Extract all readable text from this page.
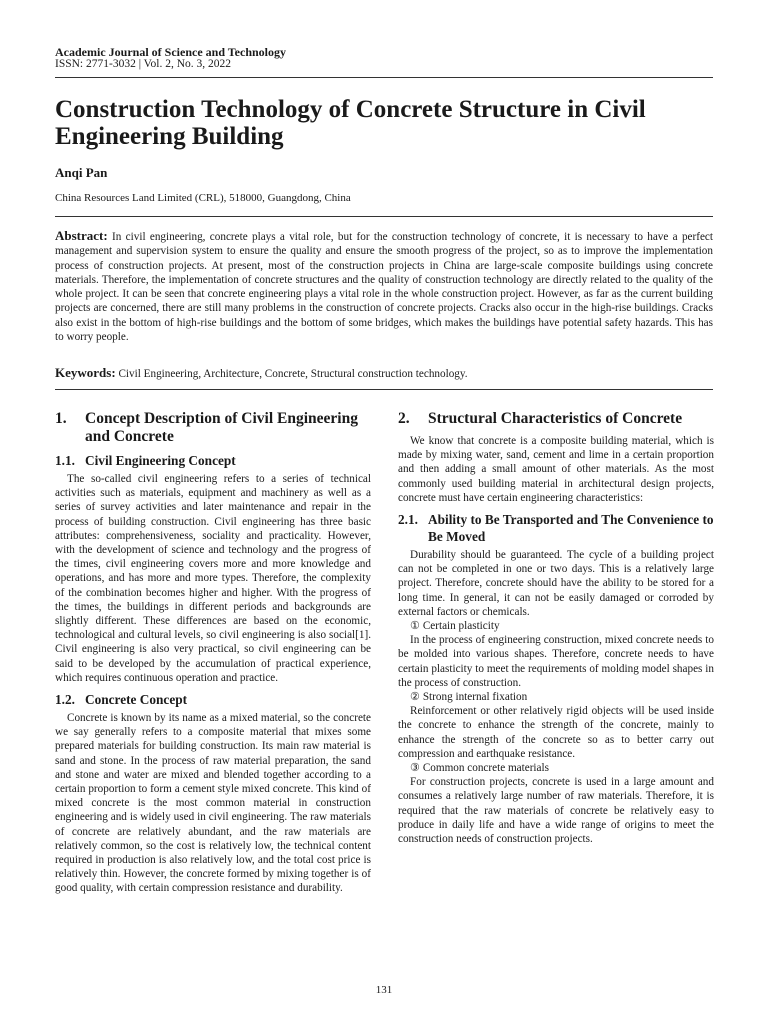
Academic Journal of Science and Technology
ISSN: 2771-3032 | Vol. 2, No. 3, 2022
Construction Technology of Concrete Structure in Civil Engineering Building
Anqi Pan
China Resources Land Limited (CRL), 518000, Guangdong, China

Abstract: In civil engineering, concrete plays a vital role, but for the construction technology of concrete, it is necessary to have a perfect management and supervision system to ensure the quality and ensure the smooth progress of the project, so as to improve the implementation process of construction projects. At present, most of the construction projects in China are large-scale composite buildings using concrete materials. Therefore, the implementation of concrete structures and the quality of construction technology are directly related to the quality of the whole project. It can be seen that concrete engineering plays a vital role in the whole construction project. However, as far as the current building projects are concerned, there are still many problems in the construction of concrete projects. Cracks also occur in the high-rise buildings. Cracks also exist in the bottom of high-rise buildings and the bottom of some bridges, which makes the buildings have potential safety hazards. This has to worry people.

Keywords: Civil Engineering, Architecture, Concrete, Structural construction technology.
1.	Concept Description of Civil Engineering and Concrete
1.1. Civil Engineering Concept

The so-called civil engineering refers to a series of technical activities such as materials, equipment and machinery as well as a series of survey activities and later maintenance and repair in the process of building construction. Civil engineering has three basic attributes: comprehensiveness, sociality and practicality. However, with the development of science and technology and the progress of the times, civil engineering covers more and more knowledge and operations, and has more and more types. Therefore, the complexity of the combination becomes higher and higher. With the progress of the times, the buildings in different periods and backgrounds are slightly different. These differences are based on the economic, technological and cultural levels, so civil engineering is also social[1]. Civil engineering is also very practical, so civil engineering can be said to be developed by the accumulation of practical experience, which requires continuous operation and practice.

1.2. Concrete Concept

Concrete is known by its name as a mixed material, so the concrete we say generally refers to a composite material that mixes some prepared materials for building construction. Its main raw material is sand and stone. In the process of raw material preparation, the sand and stone and water are mixed and blended together according to a certain proportion to form a cement style mixed concrete. This kind of mixed concrete is the most common material in construction engineering and is widely used in civil engineering. The raw materials of concrete are relatively abundant, and the raw materials are relatively common, so the cost is relatively low, the technical content required in production is also relatively low, and the total cost price is relatively thin. However, the concrete formed by mixing together is of good quality, with certain compression resistance and durability.

2.	Structural Characteristics of Concrete

We know that concrete is a composite building material, which is made by mixing water, sand, cement and lime in a certain proportion and then adding a small amount of other materials. As the most commonly used building material in architectural design projects, concrete must have certain engineering characteristics:

2.1. Ability to Be Transported and The Convenience to Be Moved

Durability should be guaranteed. The cycle of a building project can not be completed in one or two days. This is a relatively large project. Therefore, concrete should have the ability to be stored for a long time. In general, it can not be easily damaged or corroded by external factors or chemicals.

① Certain plasticity

In the process of engineering construction, mixed concrete needs to be molded into various shapes. Therefore, concrete needs to have certain plasticity to meet the requirements of molding model shapes in the process of construction.

② Strong internal fixation

Reinforcement or other relatively rigid objects will be used inside the concrete to enhance the strength of the concrete, mainly to enhance the strength of the concrete so as to better carry out compression and earthquake resistance.

③ Common concrete materials

For construction projects, concrete is used in a large amount and consumes a relatively large number of raw materials. Therefore, it is required that the raw materials of concrete be relatively easy to produce in daily life and have a wide range of origins to meet the construction needs of construction projects.

131
